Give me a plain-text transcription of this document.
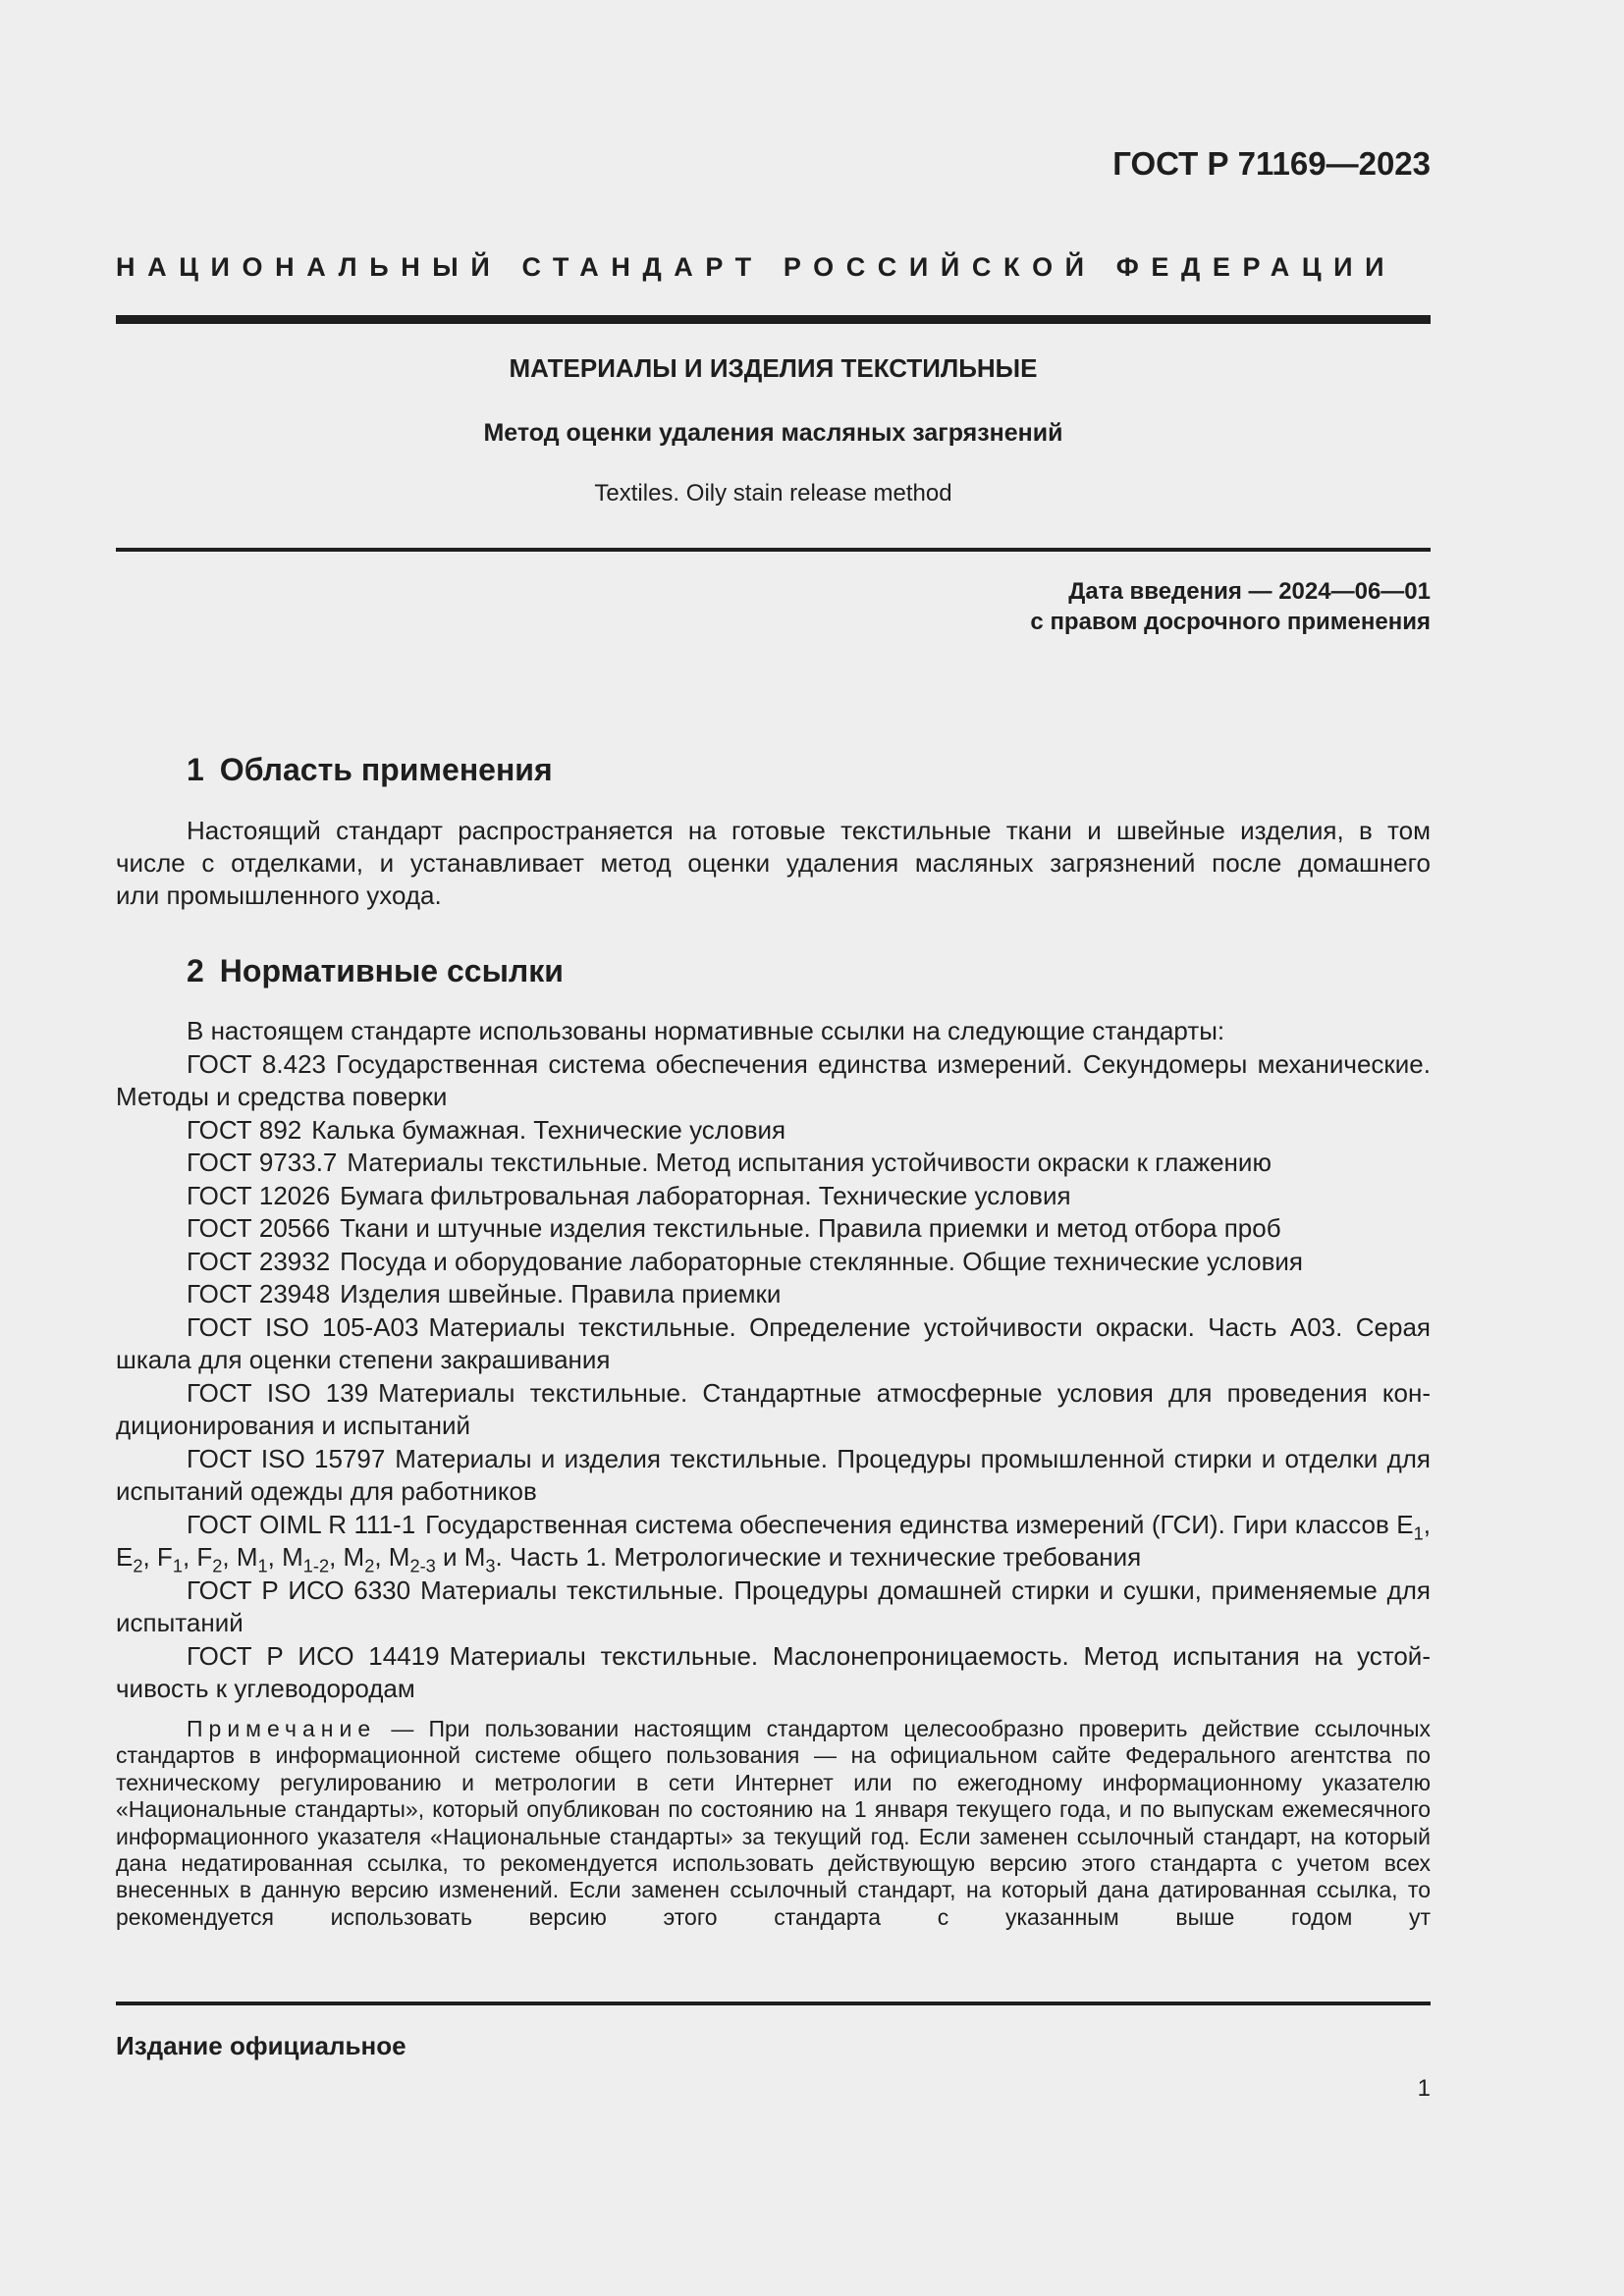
ГОСТ Р 71169—2023
НАЦИОНАЛЬНЫЙ СТАНДАРТ РОССИЙСКОЙ ФЕДЕРАЦИИ
МАТЕРИАЛЫ И ИЗДЕЛИЯ ТЕКСТИЛЬНЫЕ
Метод оценки удаления масляных загрязнений
Textiles. Oily stain release method
Дата введения — 2024—06—01
с правом досрочного применения
1 Область применения

Настоящий стандарт распространяется на готовые текстильные ткани и швейные изделия, в том

числе с отделками, и устанавливает метод оценки удаления масляных загрязнений после домашнего

или промышленного ухода.

2 Нормативные ссылки

В настоящем стандарте использованы нормативные ссылки на следующие стандарты:

ГОСТ 8.423 Государственная система обеспечения единства измерений. Секундомеры механические. Методы и средства поверки

ГОСТ 892 Калька бумажная. Технические условия

ГОСТ 9733.7 Материалы текстильные. Метод испытания устойчивости окраски к глажению

ГОСТ 12026 Бумага фильтровальная лабораторная. Технические условия

ГОСТ 20566 Ткани и штучные изделия текстильные. Правила приемки и метод отбора проб

ГОСТ 23932 Посуда и оборудование лабораторные стеклянные. Общие технические условия

ГОСТ 23948 Изделия швейные. Правила приемки

ГОСТ ISO 105-A03 Материалы текстильные. Определение устойчивости окраски. Часть А03. Серая шкала для оценки степени закрашивания

ГОСТ ISO 139 Материалы текстильные. Стандартные атмосферные условия для проведения кондиционирования и испытаний

ГОСТ ISO 15797 Материалы и изделия текстильные. Процедуры промышленной стирки и отделки для испытаний одежды для работников

ГОСТ OIML R 111-1 Государственная система обеспечения единства измерений (ГСИ). Гири классов $E_1$, $E_2$, $F_1$, $F_2$, $M_1$, $M_{1-2}$, $M_2$, $M_{2-3}$ и $M_3$. Часть 1. Метрологические и технические требования

ГОСТ Р ИСО 6330 Материалы текстильные. Процедуры домашней стирки и сушки, применяемые для испытаний

ГОСТ Р ИСО 14419 Материалы текстильные. Маслонепроницаемость. Метод испытания на устойчивость к углеводородам

Примечание — При пользовании настоящим стандартом целесообразно проверить действие ссылочных стандартов в информационной системе общего пользования — на официальном сайте Федерального агентства по техническому регулированию и метрологии в сети Интернет или по ежегодному информационному указателю «Национальные стандарты», который опубликован по состоянию на 1 января текущего года, и по выпускам ежемесячного информационного указателя «Национальные стандарты» за текущий год. Если заменен ссылочный стандарт, на который дана недатированная ссылка, то рекомендуется использовать действующую версию этого стандарта с учетом всех внесенных в данную версию изменений. Если заменен ссылочный стандарт, на который дана датированная ссылка, то рекомендуется использовать версию этого стандарта с указанным выше годом ут
Издание официальное
1
